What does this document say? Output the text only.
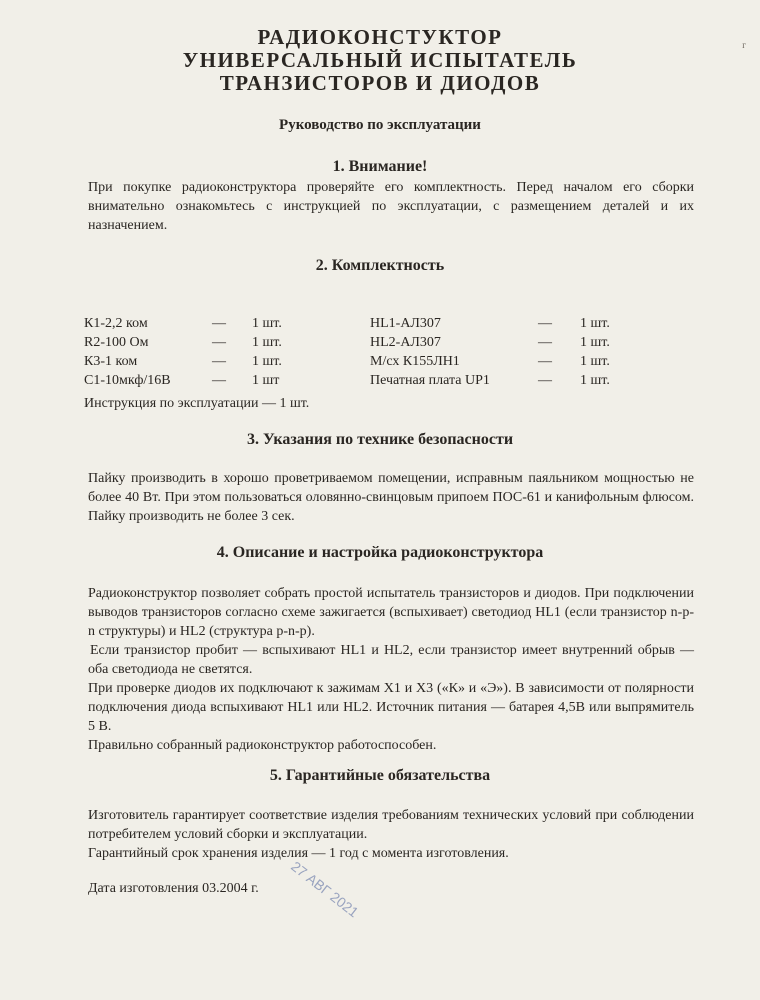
г
РАДИОКОНСТУКТОР
УНИВЕРСАЛЬНЫЙ ИСПЫТАТЕЛЬ
ТРАНЗИСТОРОВ И ДИОДОВ
Руководство по эксплуатации
1. Внимание!

При покупке радиоконструктора проверяйте его комплектность. Перед началом его сборки внимательно ознакомьтесь с инструкцией по эксплуатации, с размещением деталей и их назначением.

2. Комплектность
К1-2,2 ком	— 1 шт.
R2-100 Ом	— 1 шт.
К3-1 ком	— 1 шт.
С1-10мкф/16В	— 1 шт
HL1-АЛ307	— 1 шт.
HL2-АЛ307	— 1 шт.
М/сх К155ЛН1	— 1 шт.
Печатная плата UP1	— 1 шт.
Инструкция по эксплуатации — 1 шт.
3. Указания по технике безопасности

Пайку производить в хорошо проветриваемом помещении, исправным паяльником мощностью не более 40 Вт. При этом пользоваться оловянно-свинцовым припоем ПОС-61 и канифольным флюсом. Пайку производить не более 3 сек.

4. Описание и настройка радиоконструктора

Радиоконструктор позволяет собрать простой испытатель транзисторов и диодов. При подключении выводов транзисторов согласно схеме зажигается (вспыхивает) светодиод HL1 (если транзистор n-p-n структуры) и HL2 (структура p-n-p).

Если транзистор пробит — вспыхивают HL1 и HL2, если транзистор имеет внутренний обрыв — оба светодиода не светятся.

При проверке диодов их подключают к зажимам X1 и X3 («К» и «Э»). В зависимости от полярности подключения диода вспыхивают HL1 или HL2. Источник питания — батарея 4,5В или выпрямитель 5 В.

Правильно собранный радиоконструктор работоспособен.

5. Гарантийные обязательства

Изготовитель гарантирует соответствие изделия требованиям технических условий при соблюдении потребителем условий сборки и эксплуатации.

Гарантийный срок хранения изделия — 1 год с момента изготовления.

Дата изготовления 03.2004 г.

27 АВГ 2021
